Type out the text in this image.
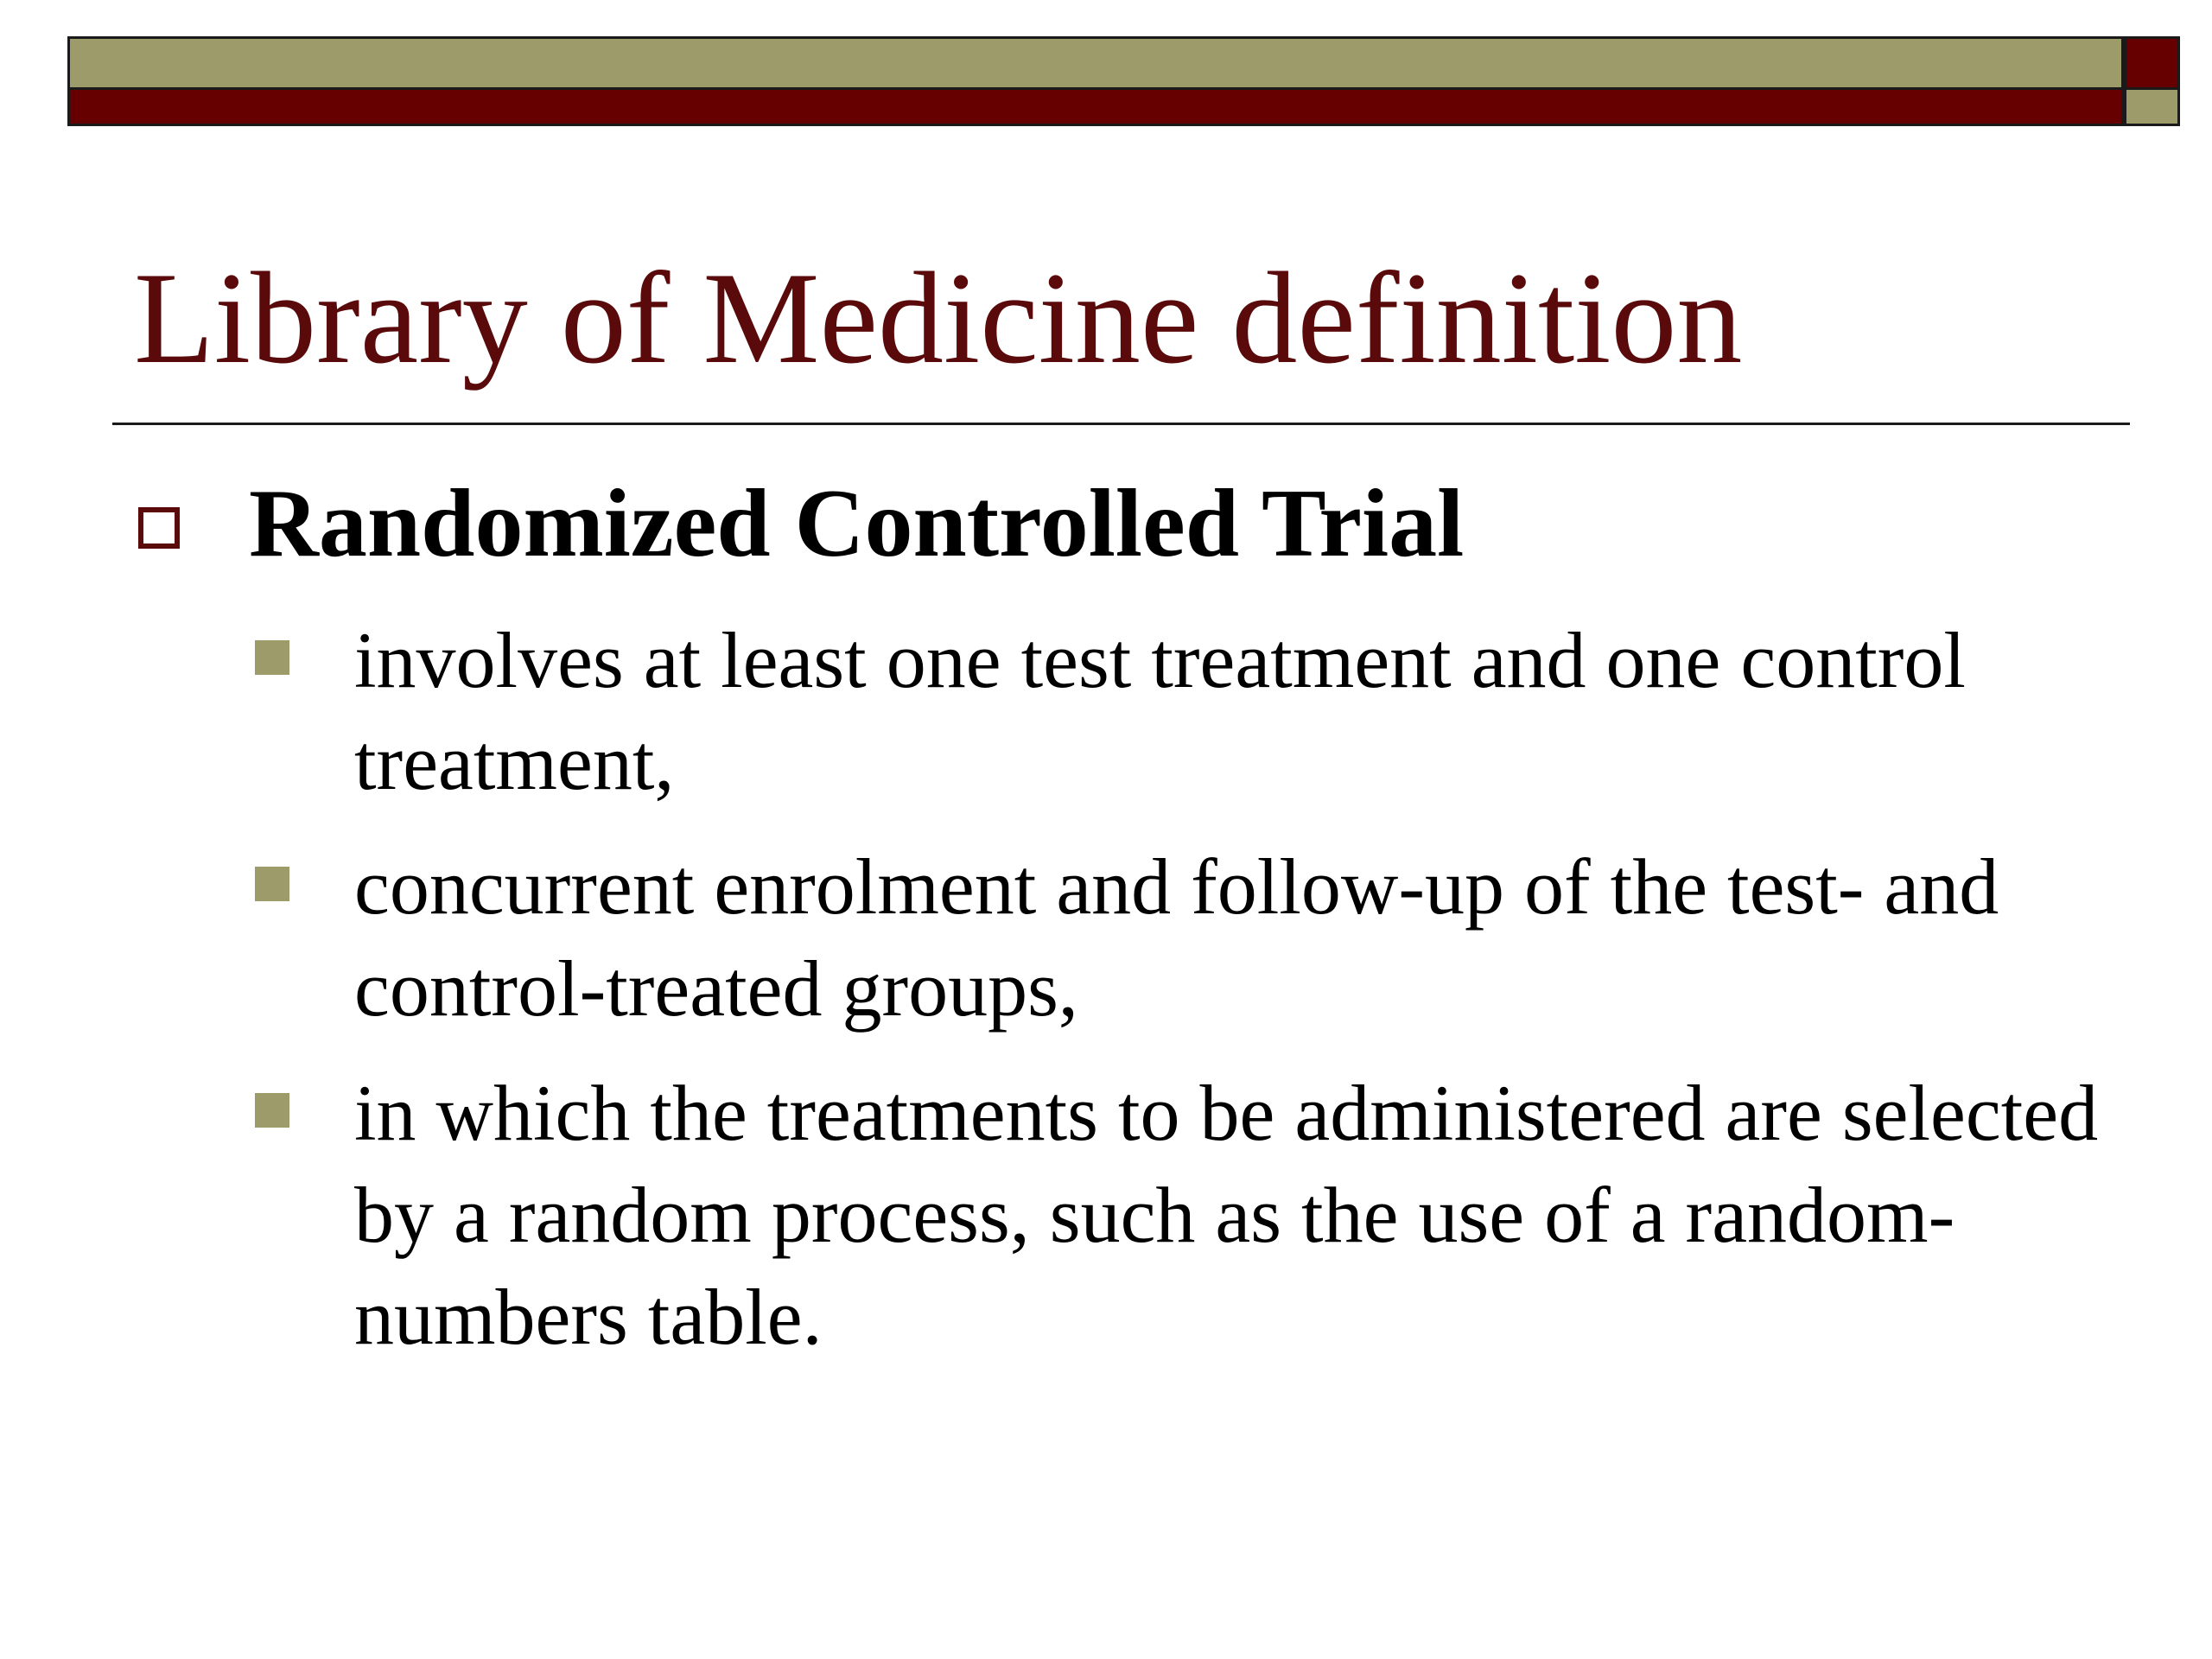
Library of Medicine definition
Randomized Controlled Trial
involves at least one test treatment and one control treatment,
concurrent enrolment and follow-up of the test- and control-treated groups,
in which the treatments to be administered are selected by a random process, such as the use of a random-numbers table.
